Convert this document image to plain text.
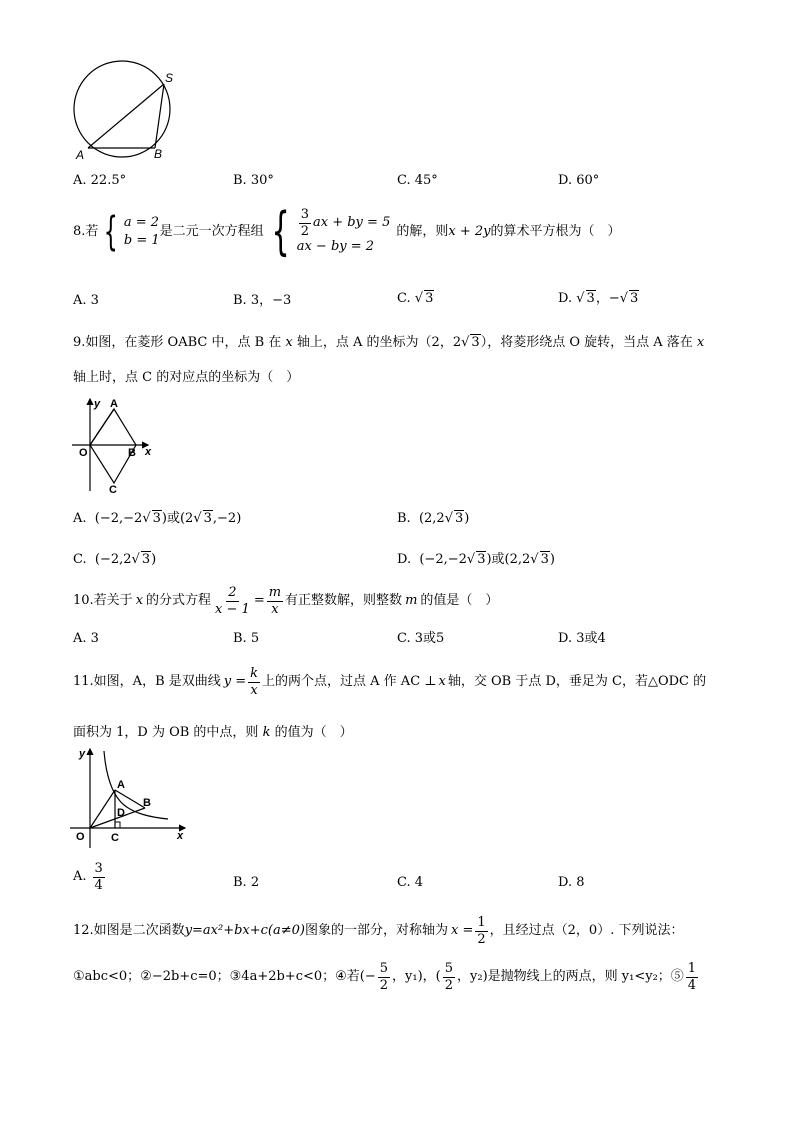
S
A	B
A. 22.5°	B. 30°	C. 45°	D. 60°
8.若 { a = 2
b = 1
是二元一次方程组 { $\frac{3}{2}$ ax + by = 5
ax − by = 2
的解，则 x + 2y 的算术平方根为（　）
A. 3	B. 3，−3	C. √ 3	D. √ 3，− √ 3
9.如图，在菱形 OABC 中，点 B 在 x 轴上，点 A 的坐标为（2，2 √ 3），将菱形绕点 O 旋转，当点 A 落在 x
轴上时，点 C 的对应点的坐标为（　）
y A
O	B x
C
A. (−2,−2 √ 3)或(2 √ 3,−2)	B. (2,2 √ 3)
C. (−2,2 √ 3)	D. (−2,−2 √ 3)或(2,2 √ 3)
10.若关于 x 的分式方程 $\frac{2}{x - 1} = \frac{m}{x}$ 有正整数解，则整数 m 的值是（　）
A. 3	B. 5	C. 3或5	D. 3或4
11.如图，A，B 是双曲线 $y = \frac{k}{x}$ 上的两个点，过点 A 作 AC ⊥ x 轴，交 OB 于点 D，垂足为 C，若△ODC 的
面积为 1，D 为 OB 的中点，则 k 的值为（　）
y
A
D
B
O C	x
A. $\frac{3}{4}$	B. 2	C. 4	D. 8
12.如图是二次函数 y=ax²+bx+c(a≠0) 图象的一部分，对称轴为 $x = \frac{1}{2}$ ，且经过点（2，0）. 下列说法：
①abc<0；②−2b+c=0；③4a+2b+c<0；④若(− $\frac{5}{2}$ ，y₁)，( $\frac{5}{2}$ ，y₂)是抛物线上的两点，则 y₁<y₂；⑤ $\frac{1}{4}$
